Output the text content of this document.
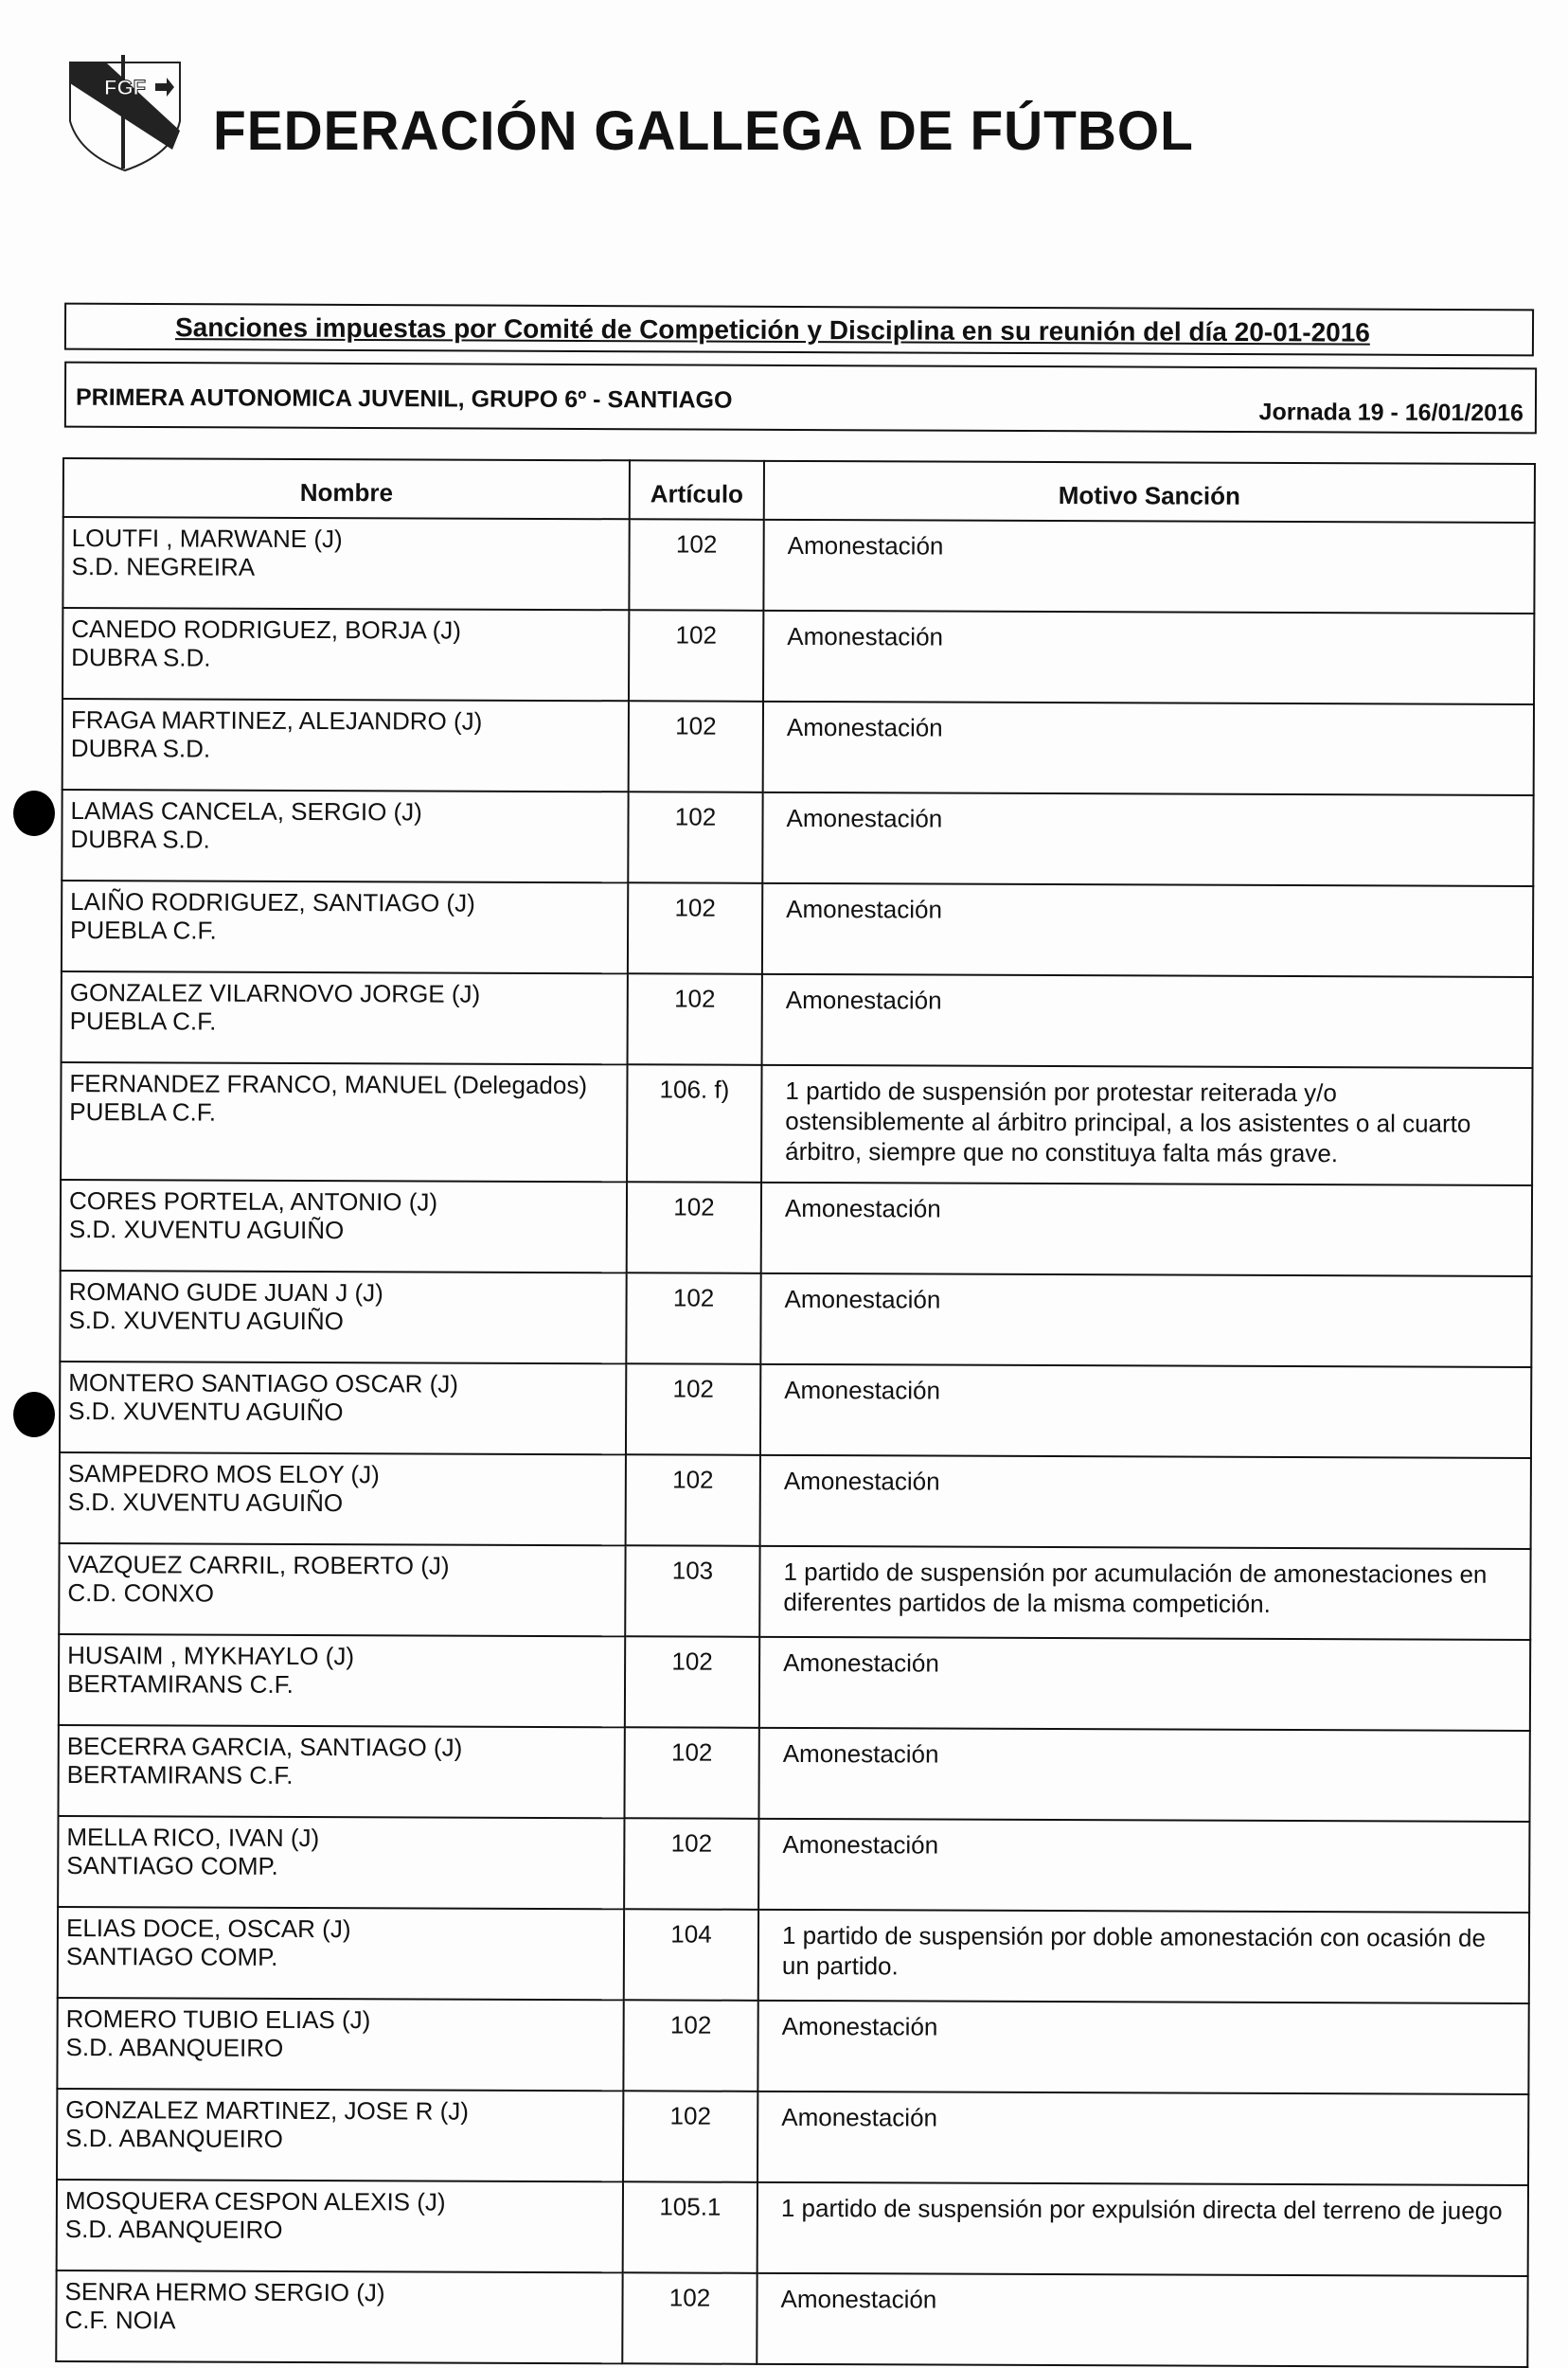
FGF
FEDERACIÓN GALLEGA DE FÚTBOL
Sanciones impuestas por Comité de Competición y Disciplina en su reunión del día 20-01-2016
PRIMERA AUTONOMICA JUVENIL, GRUPO 6º - SANTIAGO	Jornada 19 - 16/01/2016
Nombre	Artículo	Motivo Sanción

LOUTFI , MARWANE (J)
S.D. NEGREIRA	102	Amonestación

CANEDO RODRIGUEZ, BORJA (J)
DUBRA S.D.	102	Amonestación

FRAGA MARTINEZ, ALEJANDRO (J)
DUBRA S.D.	102	Amonestación

LAMAS CANCELA, SERGIO (J)
DUBRA S.D.	102	Amonestación

LAIÑO RODRIGUEZ, SANTIAGO (J)
PUEBLA C.F.	102	Amonestación

GONZALEZ VILARNOVO JORGE (J)
PUEBLA C.F.	102	Amonestación

FERNANDEZ FRANCO, MANUEL (Delegados)
PUEBLA C.F.	106. f)	1 partido de suspensión por protestar reiterada y/o ostensiblemente al árbitro principal, a los asistentes o al cuarto árbitro, siempre que no constituya falta más grave.

CORES PORTELA, ANTONIO (J)
S.D. XUVENTU AGUIÑO	102	Amonestación

ROMANO GUDE JUAN J (J)
S.D. XUVENTU AGUIÑO	102	Amonestación

MONTERO SANTIAGO OSCAR (J)
S.D. XUVENTU AGUIÑO	102	Amonestación

SAMPEDRO MOS ELOY (J)
S.D. XUVENTU AGUIÑO	102	Amonestación

VAZQUEZ CARRIL, ROBERTO (J)
C.D. CONXO	103	1 partido de suspensión por acumulación de amonestaciones en diferentes partidos de la misma competición.

HUSAIM , MYKHAYLO (J)
BERTAMIRANS C.F.	102	Amonestación

BECERRA GARCIA, SANTIAGO (J)
BERTAMIRANS C.F.	102	Amonestación

MELLA RICO, IVAN (J)
SANTIAGO COMP.	102	Amonestación

ELIAS DOCE, OSCAR (J)
SANTIAGO COMP.	104	1 partido de suspensión por doble amonestación con ocasión de un partido.

ROMERO TUBIO ELIAS (J)
S.D. ABANQUEIRO	102	Amonestación

GONZALEZ MARTINEZ, JOSE R (J)
S.D. ABANQUEIRO	102	Amonestación

MOSQUERA CESPON ALEXIS (J)
S.D. ABANQUEIRO	105.1	1 partido de suspensión por expulsión directa del terreno de juego

SENRA HERMO SERGIO (J)
C.F. NOIA	102	Amonestación
